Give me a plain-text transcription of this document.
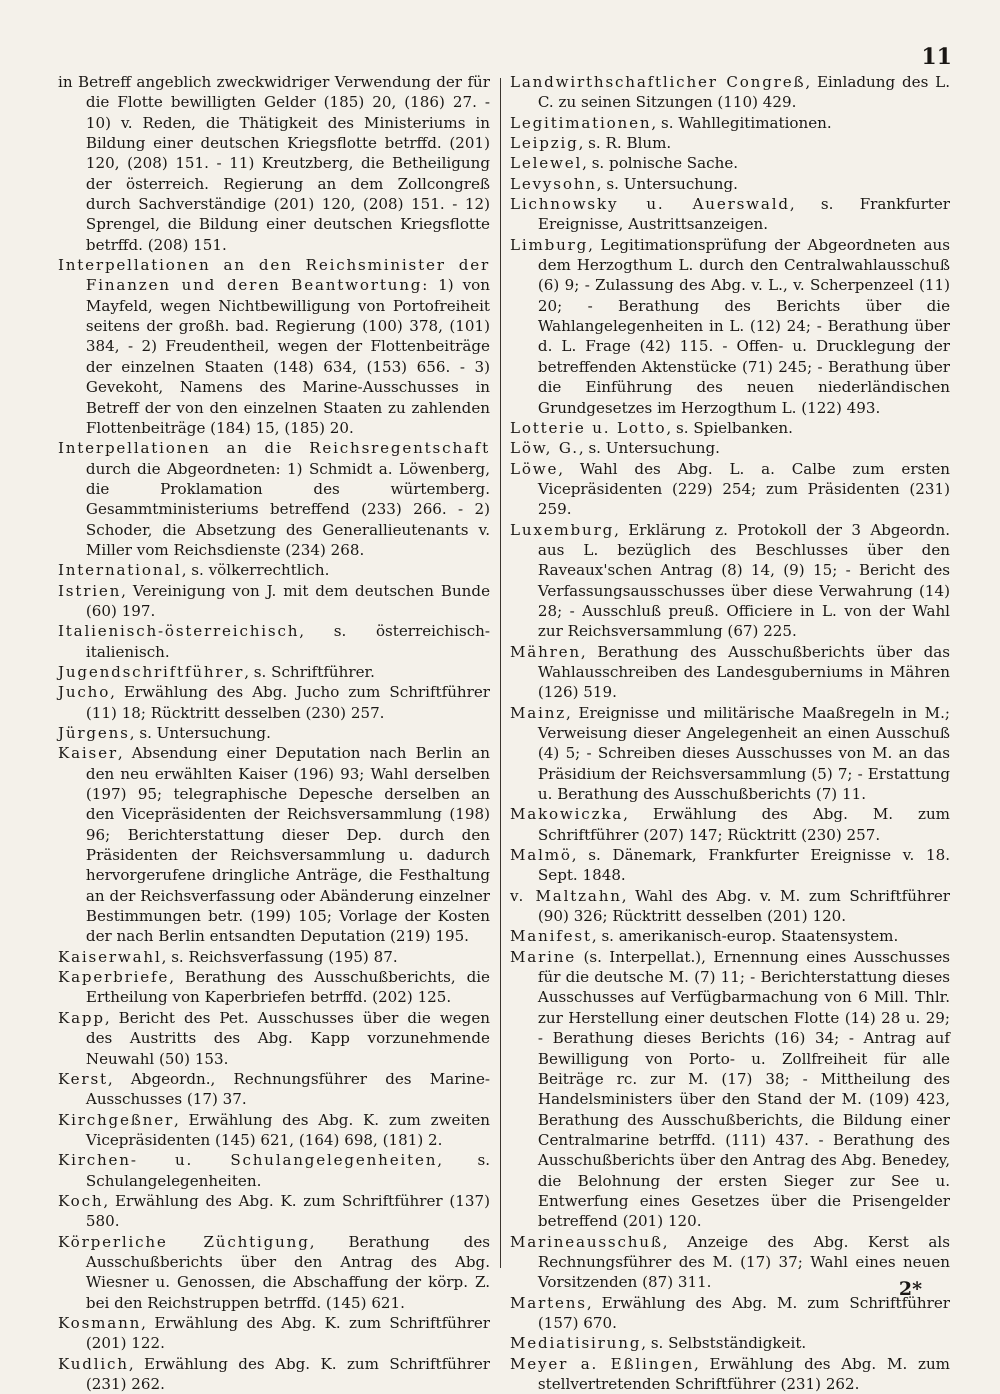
11

in Betreff angeblich zweckwidriger Verwendung der für die Flotte bewilligten Gelder (185) 20, (186) 27. - 10) v. Reden, die Thätigkeit des Ministeriums in Bildung einer deutschen Kriegsflotte betrffd. (201) 120, (208) 151. - 11) Kreutzberg, die Betheiligung der österreich. Regierung an dem Zollcongreß durch Sachverständige (201) 120, (208) 151. - 12) Sprengel, die Bildung einer deutschen Kriegsflotte betrffd. (208) 151.

Interpellationen an den Reichsminister der Finanzen und deren Beantwortung: 1) von Mayfeld, wegen Nichtbewilligung von Portofreiheit seitens der großh. bad. Regierung (100) 378, (101) 384, - 2) Freudentheil, wegen der Flottenbeiträge der einzelnen Staaten (148) 634, (153) 656. - 3) Gevekoht, Namens des Marine-Ausschusses in Betreff der von den einzelnen Staaten zu zahlenden Flottenbeiträge (184) 15, (185) 20.

Interpellationen an die Reichsregentschaft durch die Abgeordneten: 1) Schmidt a. Löwenberg, die Proklamation des würtemberg. Gesammtministeriums betreffend (233) 266. - 2) Schoder, die Absetzung des Generallieutenants v. Miller vom Reichsdienste (234) 268.

International, s. völkerrechtlich.

Istrien, Vereinigung von J. mit dem deutschen Bunde (60) 197.

Italienisch-österreichisch, s. österreichisch-italienisch.

Jugendschriftführer, s. Schriftführer.

Jucho, Erwählung des Abg. Jucho zum Schriftführer (11) 18; Rücktritt desselben (230) 257.

Jürgens, s. Untersuchung.

Kaiser, Absendung einer Deputation nach Berlin an den neu erwählten Kaiser (196) 93; Wahl derselben (197) 95; telegraphische Depesche derselben an den Vicepräsidenten der Reichsversammlung (198) 96; Berichterstattung dieser Dep. durch den Präsidenten der Reichsversammlung u. dadurch hervorgerufene dringliche Anträge, die Festhaltung an der Reichsverfassung oder Abänderung einzelner Bestimmungen betr. (199) 105; Vorlage der Kosten der nach Berlin entsandten Deputation (219) 195.

Kaiserwahl, s. Reichsverfassung (195) 87.

Kaperbriefe, Berathung des Ausschußberichts, die Ertheilung von Kaperbriefen betrffd. (202) 125.

Kapp, Bericht des Pet. Ausschusses über die wegen des Austritts des Abg. Kapp vorzunehmende Neuwahl (50) 153.

Kerst, Abgeordn., Rechnungsführer des Marine-Ausschusses (17) 37.

Kirchgeßner, Erwählung des Abg. K. zum zweiten Vicepräsidenten (145) 621, (164) 698, (181) 2.

Kirchen- u. Schulangelegenheiten, s. Schulangelegenheiten.

Koch, Erwählung des Abg. K. zum Schriftführer (137) 580.

Körperliche Züchtigung, Berathung des Ausschußberichts über den Antrag des Abg. Wiesner u. Genossen, die Abschaffung der körp. Z. bei den Reichstruppen betrffd. (145) 621.

Kosmann, Erwählung des Abg. K. zum Schriftführer (201) 122.

Kudlich, Erwählung des Abg. K. zum Schriftführer (231) 262.

Landwirthschaftlicher Congreß, Einladung des L. C. zu seinen Sitzungen (110) 429.

Legitimationen, s. Wahllegitimationen.

Leipzig, s. R. Blum.

Lelewel, s. polnische Sache.

Levysohn, s. Untersuchung.

Lichnowsky u. Auerswald, s. Frankfurter Ereignisse, Austrittsanzeigen.

Limburg, Legitimationsprüfung der Abgeordneten aus dem Herzogthum L. durch den Centralwahlausschuß (6) 9; - Zulassung des Abg. v. L., v. Scherpenzeel (11) 20; - Berathung des Berichts über die Wahlangelegenheiten in L. (12) 24; - Berathung über d. L. Frage (42) 115. - Offen- u. Drucklegung der betreffenden Aktenstücke (71) 245; - Berathung über die Einführung des neuen niederländischen Grundgesetzes im Herzogthum L. (122) 493.

Lotterie u. Lotto, s. Spielbanken.

Löw, G., s. Untersuchung.

Löwe, Wahl des Abg. L. a. Calbe zum ersten Vicepräsidenten (229) 254; zum Präsidenten (231) 259.

Luxemburg, Erklärung z. Protokoll der 3 Abgeordn. aus L. bezüglich des Beschlusses über den Raveaux'schen Antrag (8) 14, (9) 15; - Bericht des Verfassungsausschusses über diese Verwahrung (14) 28; - Ausschluß preuß. Officiere in L. von der Wahl zur Reichsversammlung (67) 225.

Mähren, Berathung des Ausschußberichts über das Wahlausschreiben des Landesguberniums in Mähren (126) 519.

Mainz, Ereignisse und militärische Maaßregeln in M.; Verweisung dieser Angelegenheit an einen Ausschuß (4) 5; - Schreiben dieses Ausschusses von M. an das Präsidium der Reichsversammlung (5) 7; - Erstattung u. Berathung des Ausschußberichts (7) 11.

Makowiczka, Erwählung des Abg. M. zum Schriftführer (207) 147; Rücktritt (230) 257.

Malmö, s. Dänemark, Frankfurter Ereignisse v. 18. Sept. 1848.

v. Maltzahn, Wahl des Abg. v. M. zum Schriftführer (90) 326; Rücktritt desselben (201) 120.

Manifest, s. amerikanisch-europ. Staatensystem.

Marine (s. Interpellat.), Ernennung eines Ausschusses für die deutsche M. (7) 11; - Berichterstattung dieses Ausschusses auf Verfügbarmachung von 6 Mill. Thlr. zur Herstellung einer deutschen Flotte (14) 28 u. 29; - Berathung dieses Berichts (16) 34; - Antrag auf Bewilligung von Porto- u. Zollfreiheit für alle Beiträge rc. zur M. (17) 38; - Mittheilung des Handelsministers über den Stand der M. (109) 423, Berathung des Ausschußberichts, die Bildung einer Centralmarine betrffd. (111) 437. - Berathung des Ausschußberichts über den Antrag des Abg. Benedey, die Belohnung der ersten Sieger zur See u. Entwerfung eines Gesetzes über die Prisengelder betreffend (201) 120.

Marineausschuß, Anzeige des Abg. Kerst als Rechnungsführer des M. (17) 37; Wahl eines neuen Vorsitzenden (87) 311.

Martens, Erwählung des Abg. M. zum Schriftführer (157) 670.

Mediatisirung, s. Selbstständigkeit.

Meyer a. Eßlingen, Erwählung des Abg. M. zum stellvertretenden Schriftführer (231) 262.

2*
